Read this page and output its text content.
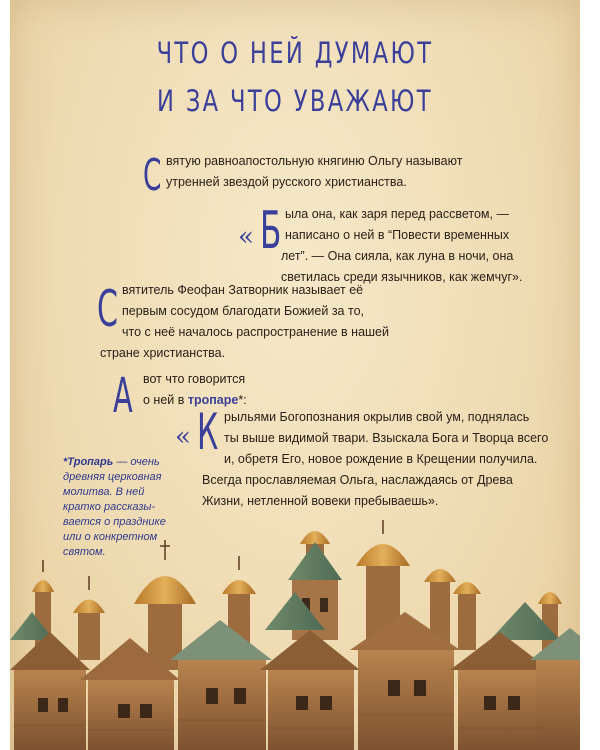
ЧТО О НЕЙ ДУМАЮТ
И ЗА ЧТО УВАЖАЮТ
С вятую равноапостольную княгиню Ольгу называют
утренней звездой русского христианства.
« Б ыла она, как заря перед рассветом, —
написано о ней в “Повести временных
лет”. — Она сияла, как луна в ночи, она
светилась среди язычников, как жемчуг».
С вятитель Феофан Затворник называет её
первым сосудом благодати Божией за то,
что с неё началось распространение в нашей
стране христианства.
А вот что говорится
о ней в тропаре*:
« К рыльями Богопознания окрылив свой ум, поднялась
ты выше видимой твари. Взыскала Бога и Творца всего
и, обретя Его, новое рождение в Крещении получила.
Всегда прославляемая Ольга, наслаждаясь от Древа
Жизни, нетленной вовеки пребываешь».
*Тропарь — очень
древняя церковная
молитва. В ней
кратко рассказы-
вается о празднике
или о конкретном
святом.
